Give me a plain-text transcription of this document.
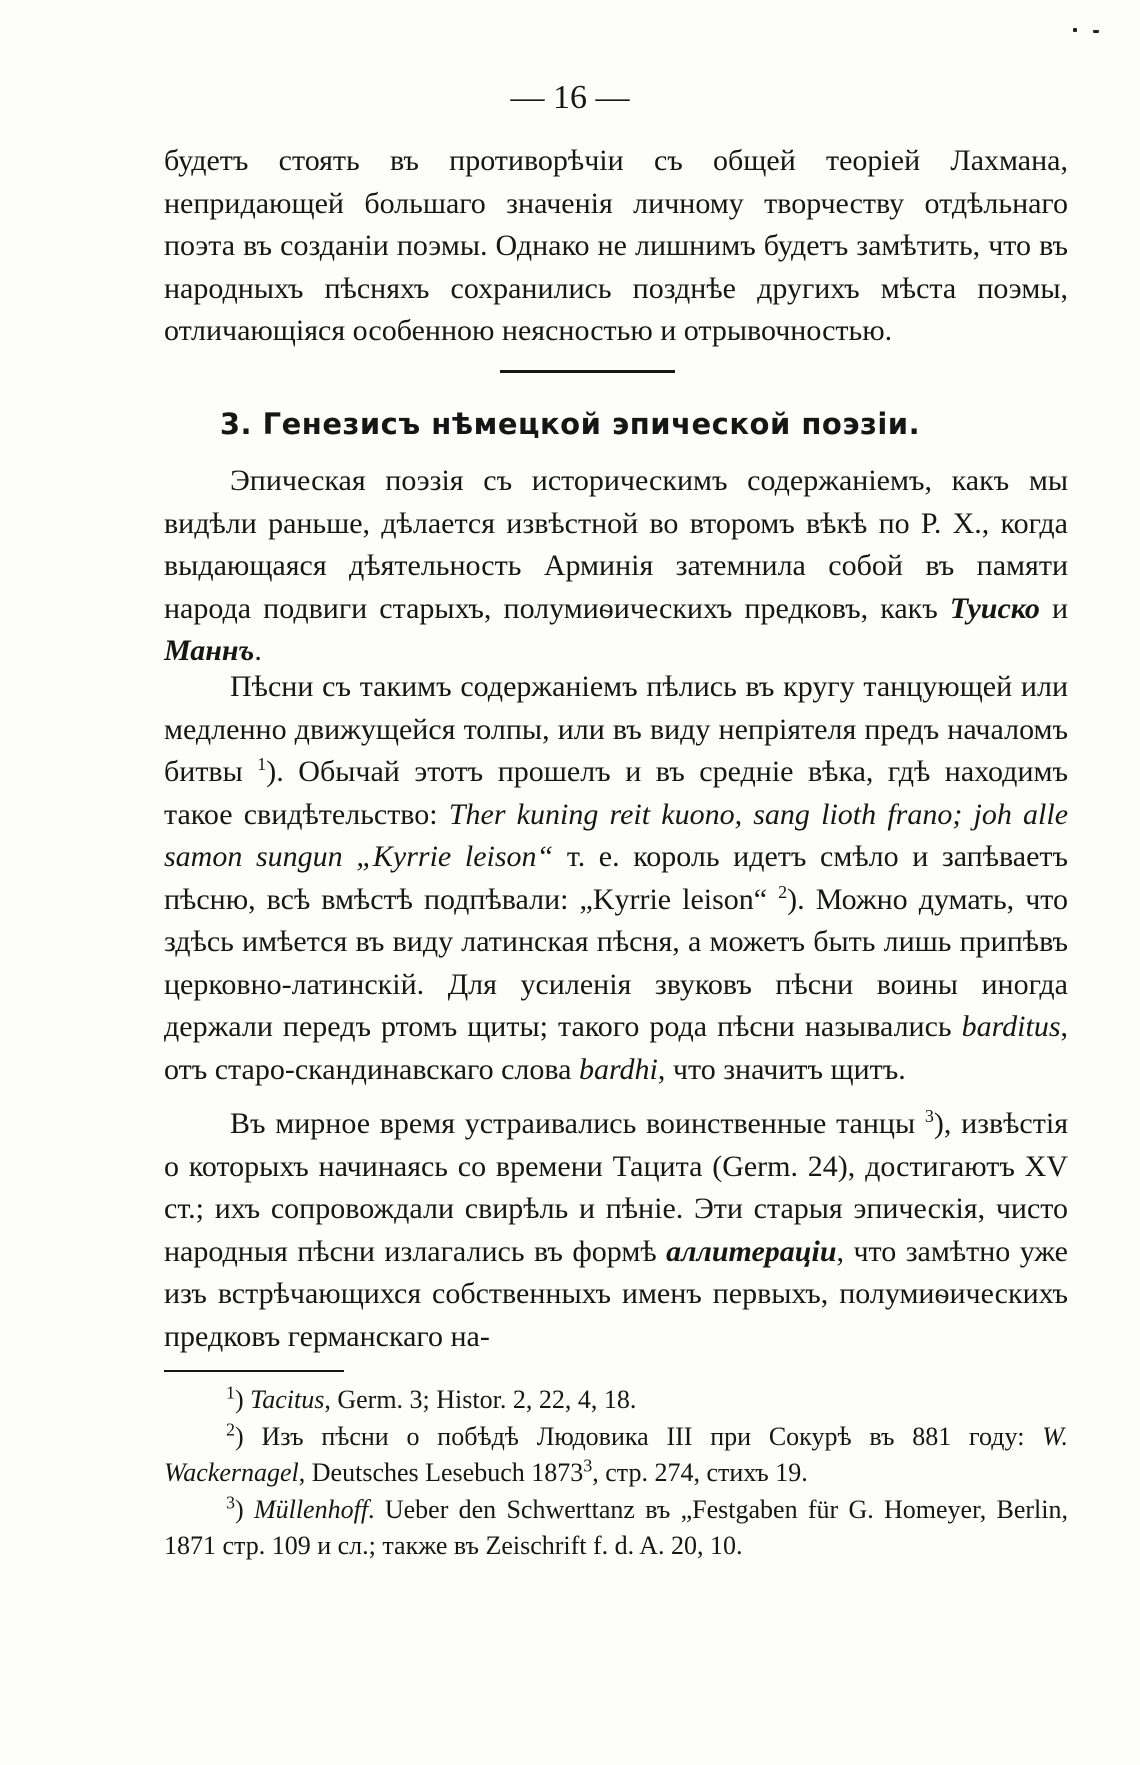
— 16 —
будетъ стоять въ противорѣчіи съ общей теоріей Лахмана, непридающей большаго значенія личному творчеству отдѣльнаго поэта въ созданіи поэмы. Однако не лишнимъ будетъ замѣтить, что въ народныхъ пѣсняхъ сохранились позднѣе другихъ мѣста поэмы, отличающіяся особенною неясностью и отрывочностью.
3. Генезисъ нѣмецкой эпической поэзіи.
Эпическая поэзія съ историческимъ содержаніемъ, какъ мы видѣли раньше, дѣлается извѣстной во второмъ вѣкѣ по Р. Х., когда выдающаяся дѣятельность Арминія затемнила собой въ памяти народа подвиги старыхъ, полумиѳическихъ предковъ, какъ Туиско и Маннъ.
Пѣсни съ такимъ содержаніемъ пѣлись въ кругу танцующей или медленно движущейся толпы, или въ виду непріятеля предъ началомъ битвы $^1$). Обычай этотъ прошелъ и въ средніе вѣка, гдѣ находимъ такое свидѣтельство: Ther kuning reit kuono, sang lioth frano; joh alle samon sungun „Kyrrie leison“ т. е. король идетъ смѣло и запѣваетъ пѣсню, всѣ вмѣстѣ подпѣвали: „Kyrrie leison“ $^2$). Можно думать, что здѣсь имѣется въ виду латинская пѣсня, а можетъ быть лишь припѣвъ церковно-латинскій. Для усиленія звуковъ пѣсни воины иногда держали передъ ртомъ щиты; такого рода пѣсни назывались barditus, отъ старо-скандинавскаго слова bardhi, что значитъ щитъ.
Въ мирное время устраивались воинственные танцы $^3$), извѣстія о которыхъ начинаясь со времени Тацита (Germ. 24), достигаютъ XV ст.; ихъ сопровождали свирѣль и пѣніе. Эти старыя эпическія, чисто народныя пѣсни излагались въ формѣ аллитерацiи, что замѣтно уже изъ встрѣчающихся собственныхъ именъ первыхъ, полумиѳическихъ предковъ германскаго на-
$^1$) Tacitus, Germ. 3; Histor. 2, 22, 4, 18.
$^2$) Изъ пѣсни о побѣдѣ Людовика III при Сокурѣ въ 881 году: W. Wackernagel, Deutsches Lesebuch 1873$^3$, стр. 274, стихъ 19.
$^3$) Müllenhoff. Ueber den Schwerttanz въ „Festgaben für G. Homeyer, Berlin, 1871 стр. 109 и сл.; также въ Zeischrift f. d. A. 20, 10.
